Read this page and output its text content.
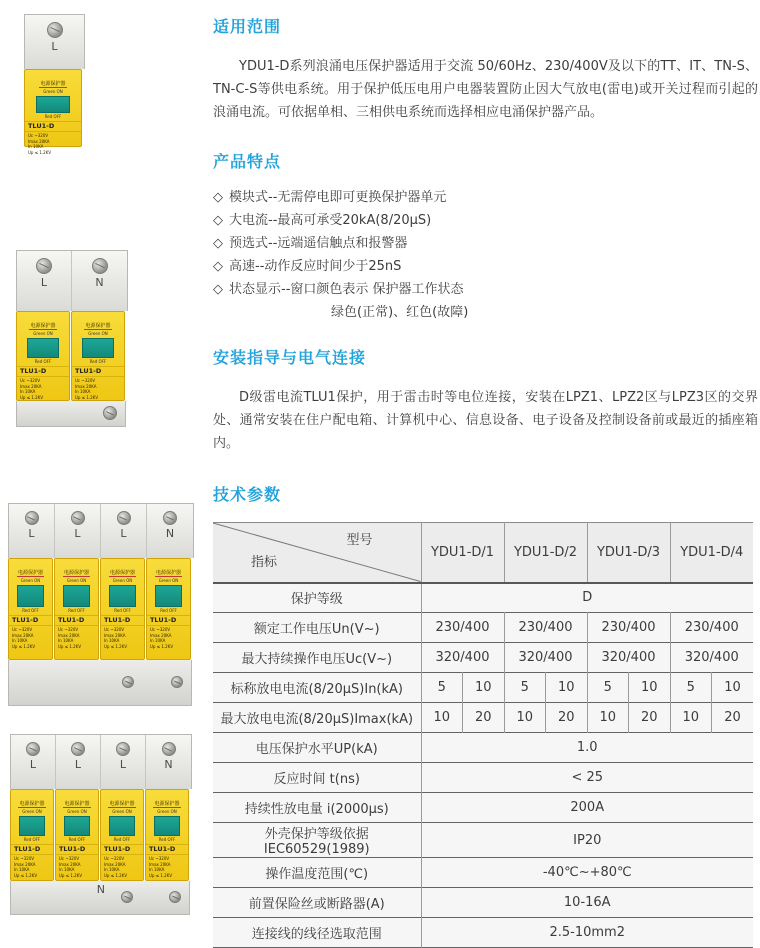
L
电源保护器
Green ON
Red OFF
TLU1-D
Uc ~320V
Imax 20KA
In 10KA
Up ≤ 1.2KV
L	N
电源保护器
Green ON
Red OFF
TLU1-D
Uc ~320V
Imax 20KA
In 10KA
Up ≤ 1.2KV
电源保护器
Green ON
Red OFF
TLU1-D
Uc ~320V
Imax 20KA
In 10KA
Up ≤ 1.2KV
L	L	L	N
电源保护器
Green ON
Red OFF
TLU1-D
Uc ~320V
Imax 20KA
In 10KA
Up ≤ 1.2KV
电源保护器
Green ON
Red OFF
TLU1-D
Uc ~320V
Imax 20KA
In 10KA
Up ≤ 1.2KV
电源保护器
Green ON
Red OFF
TLU1-D
Uc ~320V
Imax 20KA
In 10KA
Up ≤ 1.2KV
电源保护器
Green ON
Red OFF
TLU1-D
Uc ~320V
Imax 20KA
In 10KA
Up ≤ 1.2KV
L	L	L	N
电源保护器
Green ON
Red OFF
TLU1-D
Uc ~320V
Imax 20KA
In 10KA
Up ≤ 1.2KV
电源保护器
Green ON
Red OFF
TLU1-D
Uc ~320V
Imax 20KA
In 10KA
Up ≤ 1.2KV
电源保护器
Green ON
Red OFF
TLU1-D
Uc ~320V
Imax 20KA
In 10KA
Up ≤ 1.2KV
电源保护器
Green ON
Red OFF
TLU1-D
Uc ~320V
Imax 20KA
In 10KA
Up ≤ 1.2KV
N
适用范围

YDU1-D系列浪涌电压保护器适用于交流 50/60Hz、230/400V及以下的TT、IT、TN-S、TN-C-S等供电系统。用于保护低压电用户电器装置防止因大气放电(雷电)或开关过程而引起的浪涌电流。可依据单相、三相供电系统而选择相应电涌保护器产品。

产品特点
◇ 模块式--无需停电即可更换保护器单元
◇ 大电流--最高可承受20kA(8/20μS)
◇ 预选式--远端遥信触点和报警器
◇ 高速--动作反应时间少于25nS
◇ 状态显示--窗口颜色表示 保护器工作状态
绿色(正常)、红色(故障)
安装指导与电气连接

D级雷电流TLU1保护，用于雷击时等电位连接，安装在LPZ1、LPZ2区与LPZ3区的交界处、通常安装在住户配电箱、计算机中心、信息设备、电子设备及控制设备前或最近的插座箱内。

技术参数
型号
指标	YDU1-D/1		YDU1-D/2		YDU1-D/3		YDU1-D/4	
保护等级	D							
额定工作电压Un(V~)	230/400		230/400		230/400		230/400	
最大持续操作电压Uc(V~)	320/400		320/400		320/400		320/400	
标称放电电流(8/20μS)In(kA)	5	10	5	10	5	10	5	10
最大放电电流(8/20μS)Imax(kA)	10	20	10	20	10	20	10	20
电压保护水平UP(kA)	1.0							
反应时间 t(ns)	< 25							
持续性放电量 i(2000μs)	200A							
外壳保护等级依据 IEC60529(1989)	IP20							
操作温度范围(℃)	-40℃~+80℃							
前置保险丝或断路器(A)	10-16A							
连接线的线径选取范围	2.5-10mm2							
